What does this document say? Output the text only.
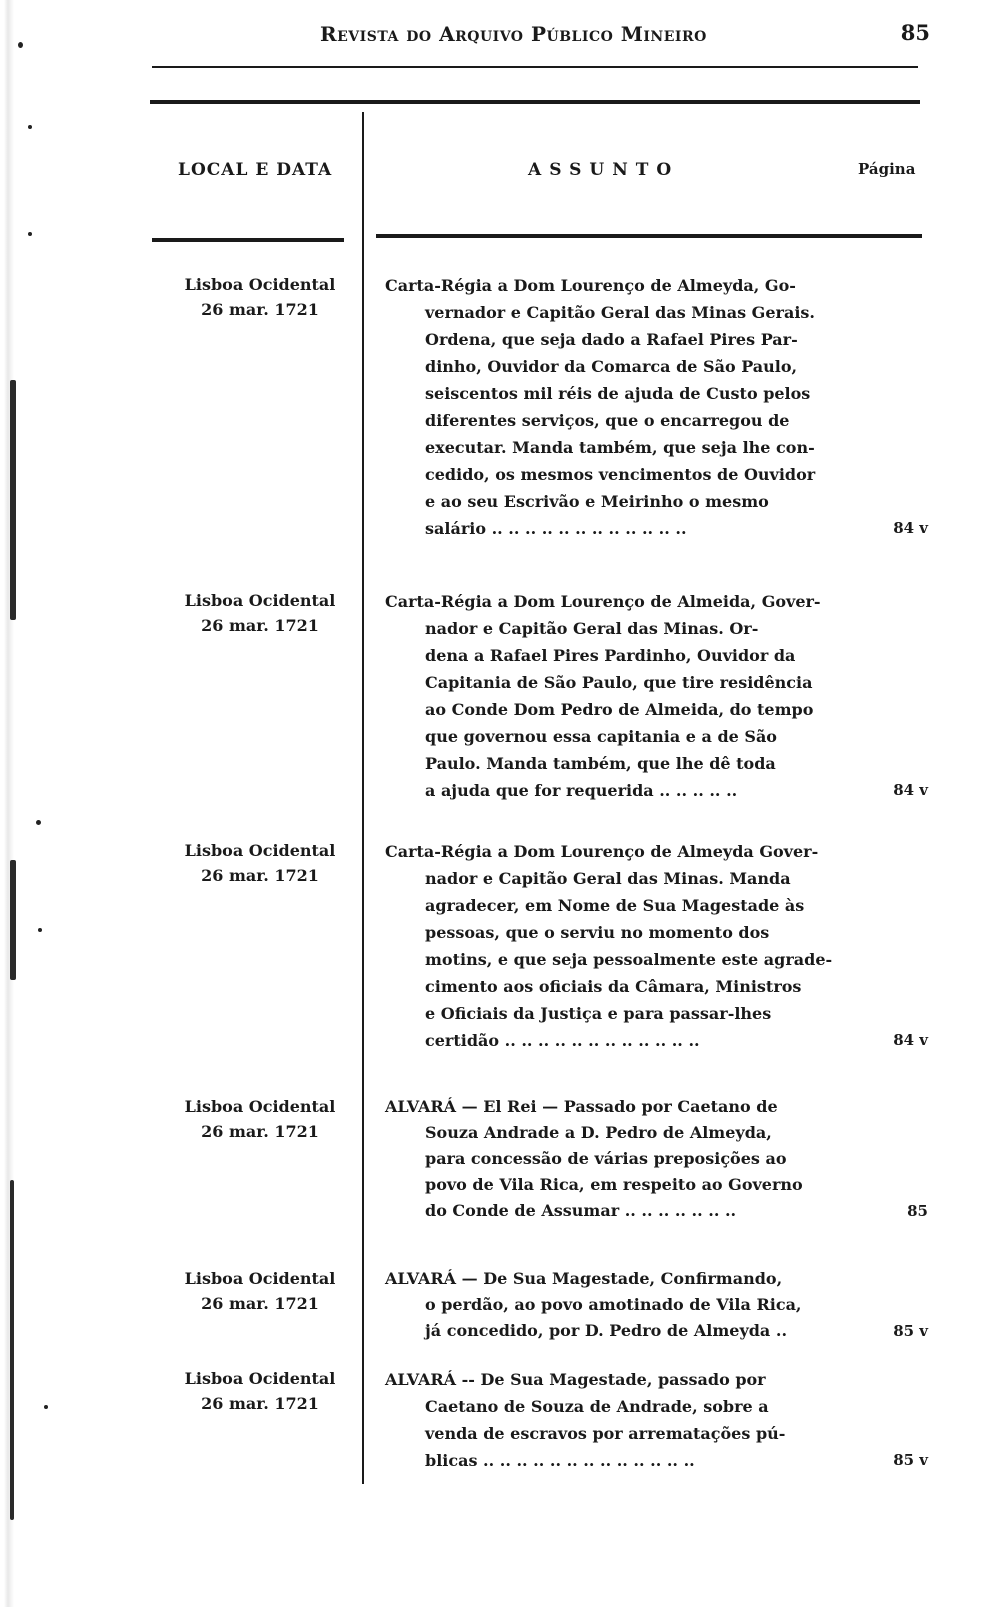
Revista do Arquivo Público Mineiro	85
LOCAL E DATA	ASSUNTO	Página
Lisboa Ocidental
26 mar. 1721
Carta-Régia a Dom Lourenço de Almeyda, Go-
vernador e Capitão Geral das Minas Gerais.
Ordena, que seja dado a Rafael Pires Par-
dinho, Ouvidor da Comarca de São Paulo,
seiscentos mil réis de ajuda de Custo pelos
diferentes serviços, que o encarregou de
executar. Manda também, que seja lhe con-
cedido, os mesmos vencimentos de Ouvidor
e ao seu Escrivão e Meirinho o mesmo
salário .. .. .. .. .. .. .. .. .. .. .. ..	84 v
Lisboa Ocidental
26 mar. 1721
Carta-Régia a Dom Lourenço de Almeida, Gover-
nador e Capitão Geral das Minas. Or-
dena a Rafael Pires Pardinho, Ouvidor da
Capitania de São Paulo, que tire residência
ao Conde Dom Pedro de Almeida, do tempo
que governou essa capitania e a de São
Paulo. Manda também, que lhe dê toda
a ajuda que for requerida .. .. .. .. ..	84 v
Lisboa Ocidental
26 mar. 1721
Carta-Régia a Dom Lourenço de Almeyda Gover-
nador e Capitão Geral das Minas. Manda
agradecer, em Nome de Sua Magestade às
pessoas, que o serviu no momento dos
motins, e que seja pessoalmente este agrade-
cimento aos oficiais da Câmara, Ministros
e Oficiais da Justiça e para passar-lhes
certidão .. .. .. .. .. .. .. .. .. .. .. ..	84 v
Lisboa Ocidental
26 mar. 1721
ALVARÁ — El Rei — Passado por Caetano de
Souza Andrade a D. Pedro de Almeyda,
para concessão de várias preposições ao
povo de Vila Rica, em respeito ao Governo
do Conde de Assumar .. .. .. .. .. .. ..	85
Lisboa Ocidental
26 mar. 1721
ALVARÁ — De Sua Magestade, Confirmando,
o perdão, ao povo amotinado de Vila Rica,
já concedido, por D. Pedro de Almeyda ..	85 v
Lisboa Ocidental
26 mar. 1721
ALVARÁ -- De Sua Magestade, passado por
Caetano de Souza de Andrade, sobre a
venda de escravos por arrematações pú-
blicas .. .. .. .. .. .. .. .. .. .. .. .. ..	85 v
